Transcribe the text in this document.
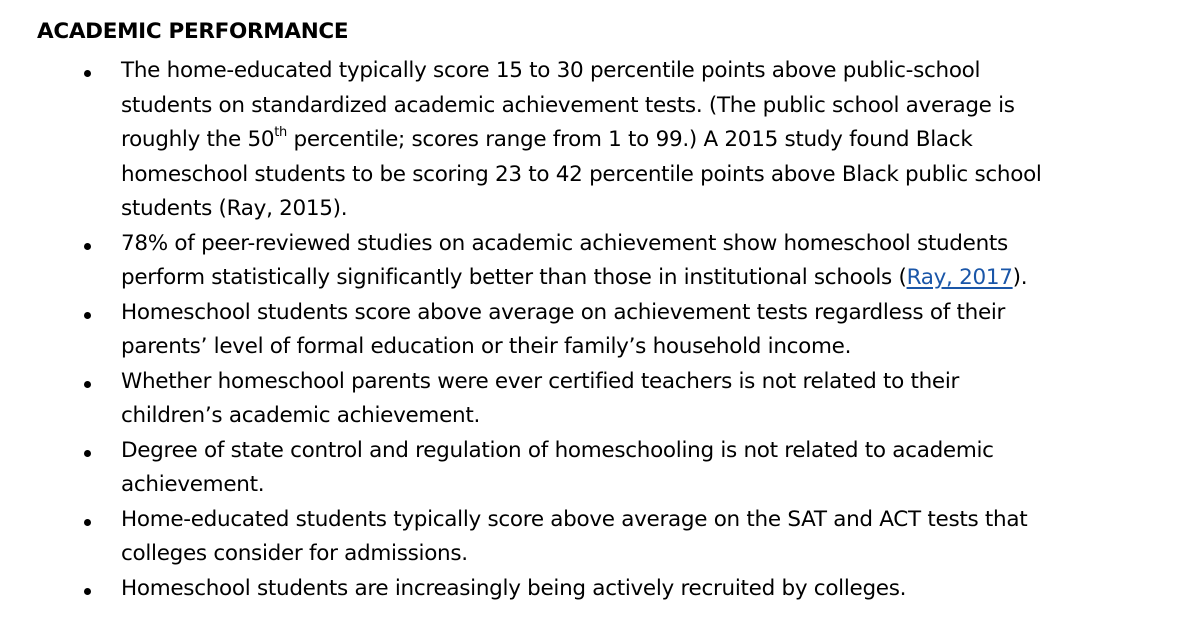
ACADEMIC PERFORMANCE
The home-educated typically score 15 to 30 percentile points above public-school
students on standardized academic achievement tests. (The public school average is
roughly the 50th percentile; scores range from 1 to 99.) A 2015 study found Black
homeschool students to be scoring 23 to 42 percentile points above Black public school
students (Ray, 2015).
78% of peer-reviewed studies on academic achievement show homeschool students
perform statistically significantly better than those in institutional schools (Ray, 2017).
Homeschool students score above average on achievement tests regardless of their
parents’ level of formal education or their family’s household income.
Whether homeschool parents were ever certified teachers is not related to their
children’s academic achievement.
Degree of state control and regulation of homeschooling is not related to academic
achievement.
Home-educated students typically score above average on the SAT and ACT tests that
colleges consider for admissions.
Homeschool students are increasingly being actively recruited by colleges.
